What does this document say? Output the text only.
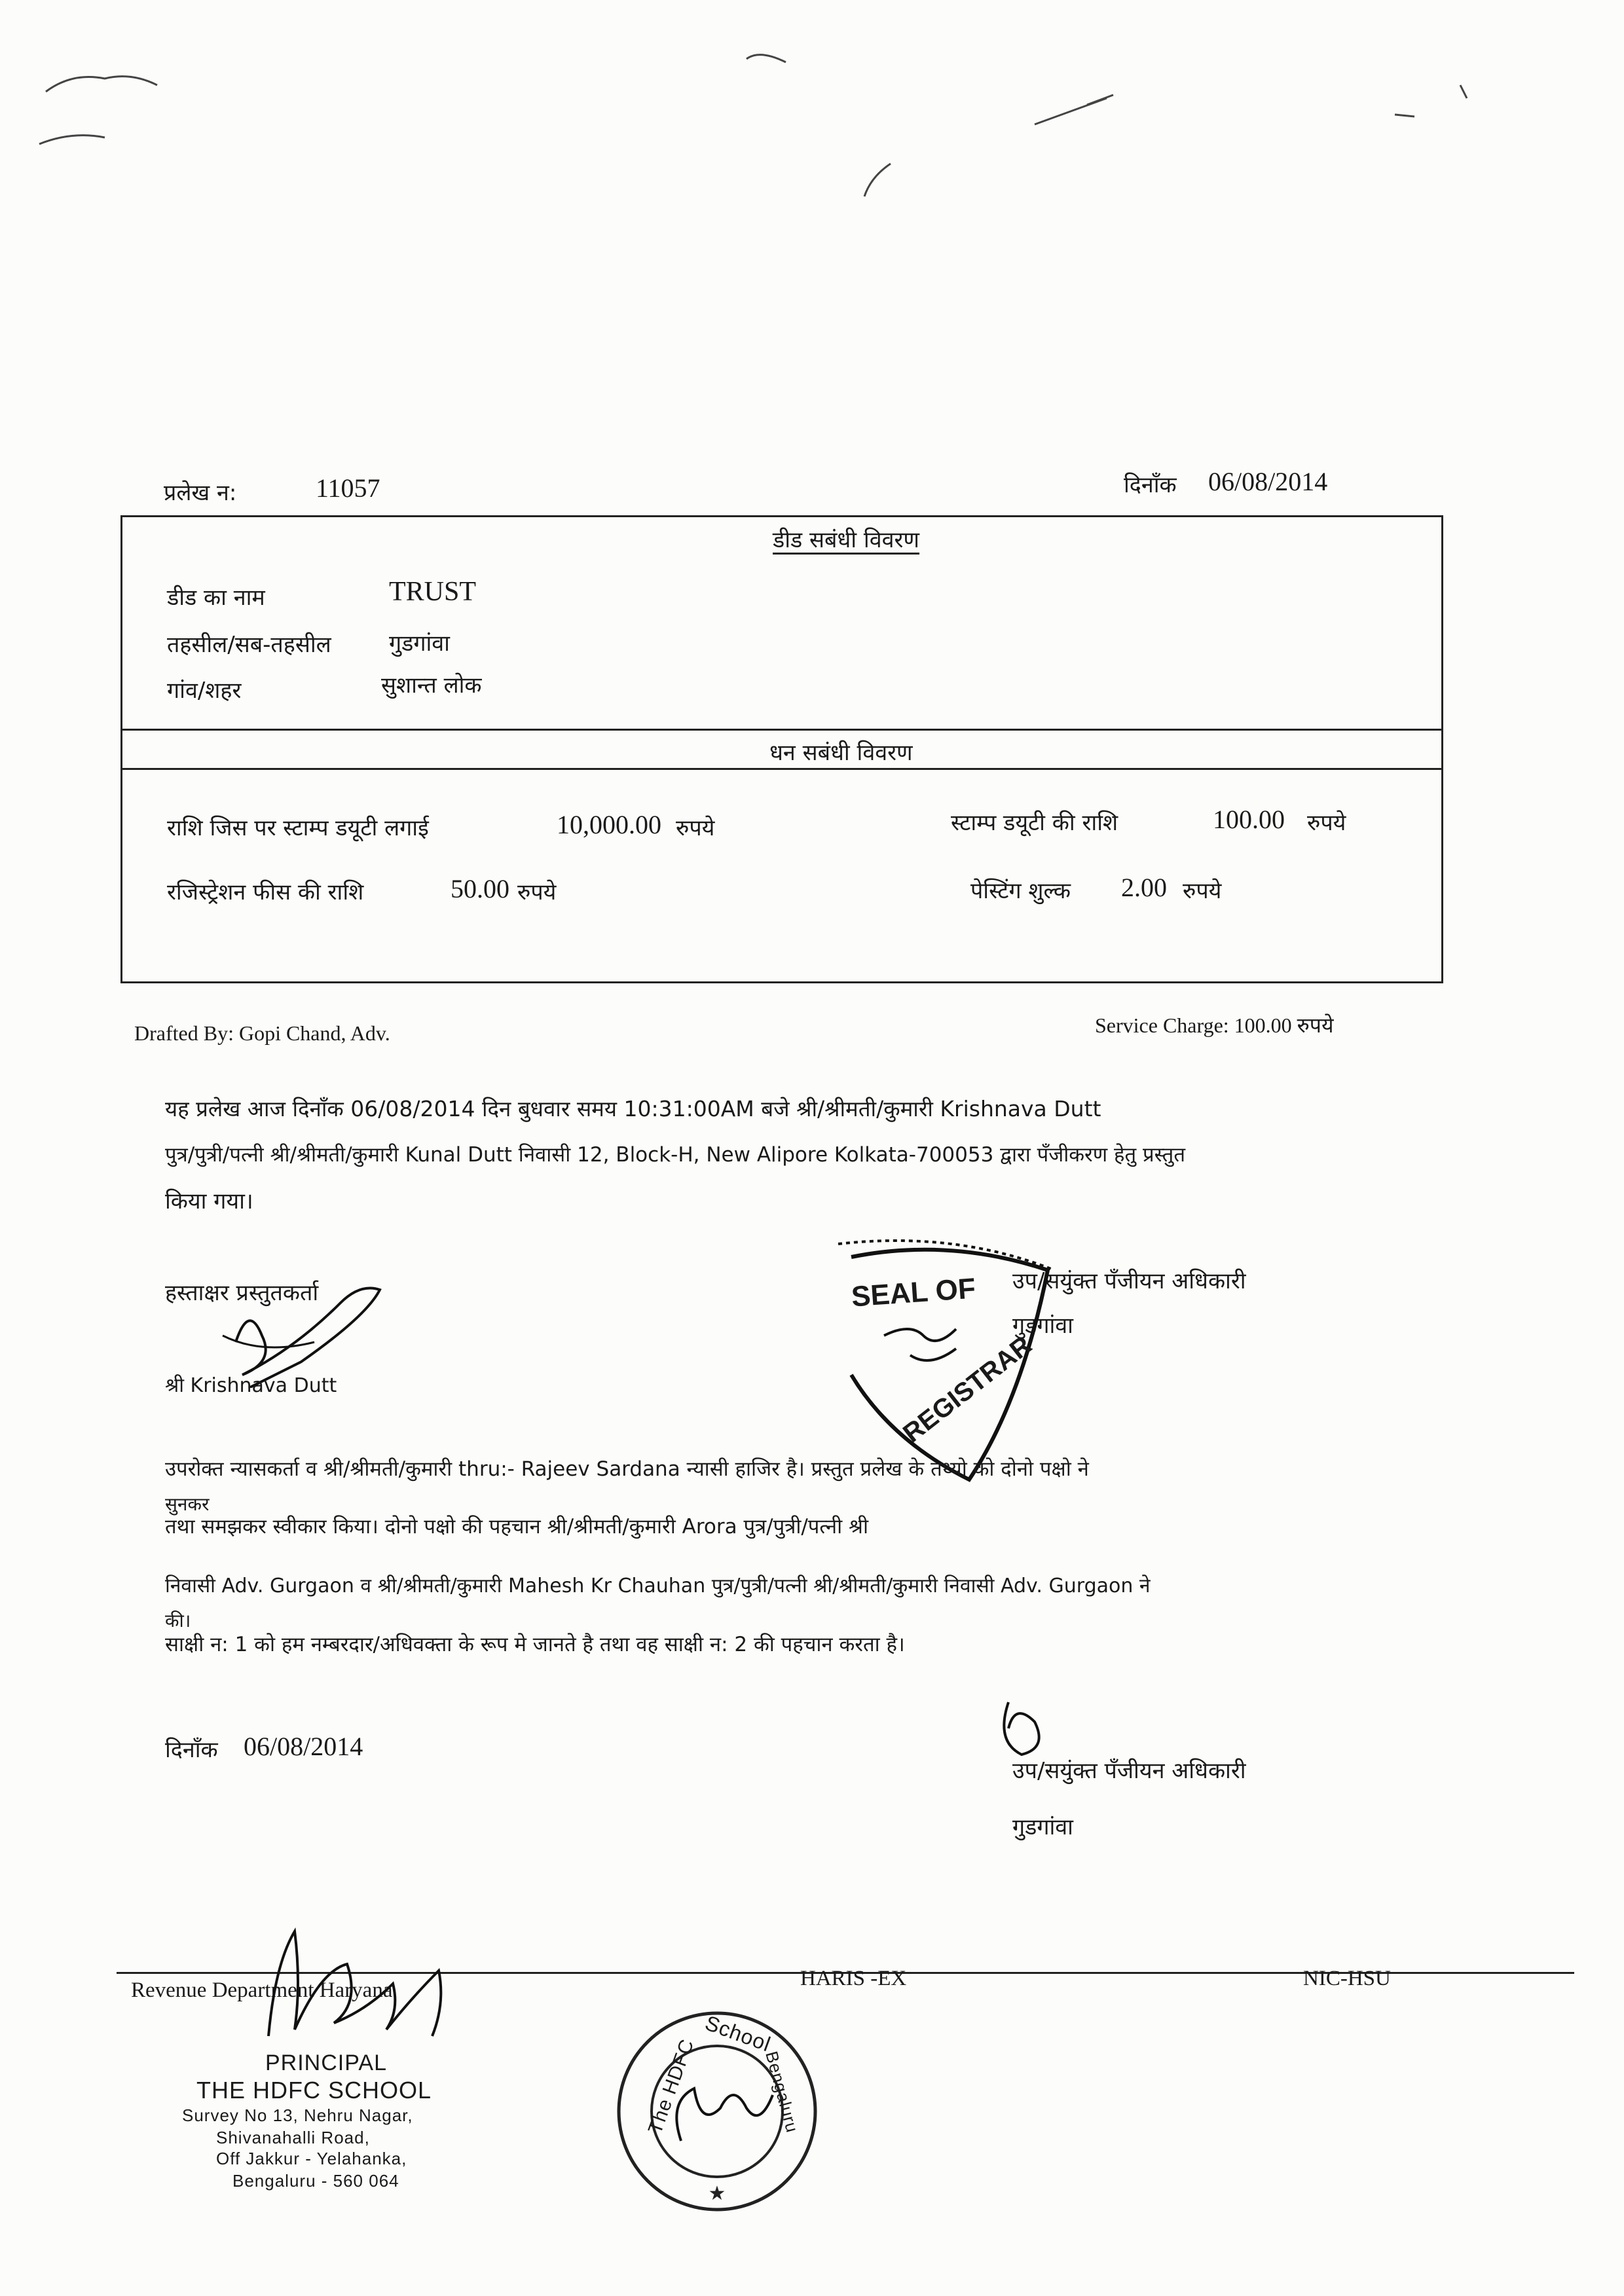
प्रलेख न:	11057	दिनाँक 06/08/2014
डीड सबंधी विवरण
डीड का नाम	TRUST
तहसील/सब-तहसील	गुडगांवा
गांव/शहर	सुशान्त लोक
धन सबंधी विवरण
राशि जिस पर स्टाम्प डयूटी लगाई	10,000.00 रुपये	स्टाम्प डयूटी की राशि	100.00 रुपये
रजिस्ट्रेशन फीस की राशि	50.00 रुपये	पेस्टिंग शुल्क 2.00 रुपये
Drafted By: Gopi Chand, Adv.	Service Charge: 100.00 रुपये
यह प्रलेख आज दिनाँक 06/08/2014 दिन बुधवार समय 10:31:00AM बजे श्री/श्रीमती/कुमारी Krishnava Dutt
पुत्र/पुत्री/पत्नी श्री/श्रीमती/कुमारी Kunal Dutt निवासी 12, Block-H, New Alipore Kolkata-700053 द्वारा पँजीकरण हेतु प्रस्तुत
किया गया।
हस्ताक्षर प्रस्तुतकर्ता
श्री Krishnava Dutt
उप/सयुंक्त पँजीयन अधिकारी
गुडगांवा
SEAL OF
REGISTRAR
उपरोक्त न्यासकर्ता व श्री/श्रीमती/कुमारी thru:- Rajeev Sardana न्यासी हाजिर है। प्रस्तुत प्रलेख के तथ्यो को दोनो पक्षो ने
सुनकर
तथा समझकर स्वीकार किया। दोनो पक्षो की पहचान श्री/श्रीमती/कुमारी Arora पुत्र/पुत्री/पत्नी श्री
निवासी Adv. Gurgaon व श्री/श्रीमती/कुमारी Mahesh Kr Chauhan पुत्र/पुत्री/पत्नी श्री/श्रीमती/कुमारी निवासी Adv. Gurgaon ने
की।
साक्षी न: 1 को हम नम्बरदार/अधिवक्ता के रूप मे जानते है तथा वह साक्षी न: 2 की पहचान करता है।
दिनाँक 06/08/2014
उप/सयुंक्त पँजीयन अधिकारी
गुडगांवा
Revenue Department Haryana	HARIS -EX	NIC-HSU
PRINCIPAL
THE HDFC SCHOOL
Survey No 13, Nehru Nagar,
Shivanahalli Road,
Off Jakkur - Yelahanka,
Bengaluru - 560 064
★
The HDFC
School
Bengaluru
